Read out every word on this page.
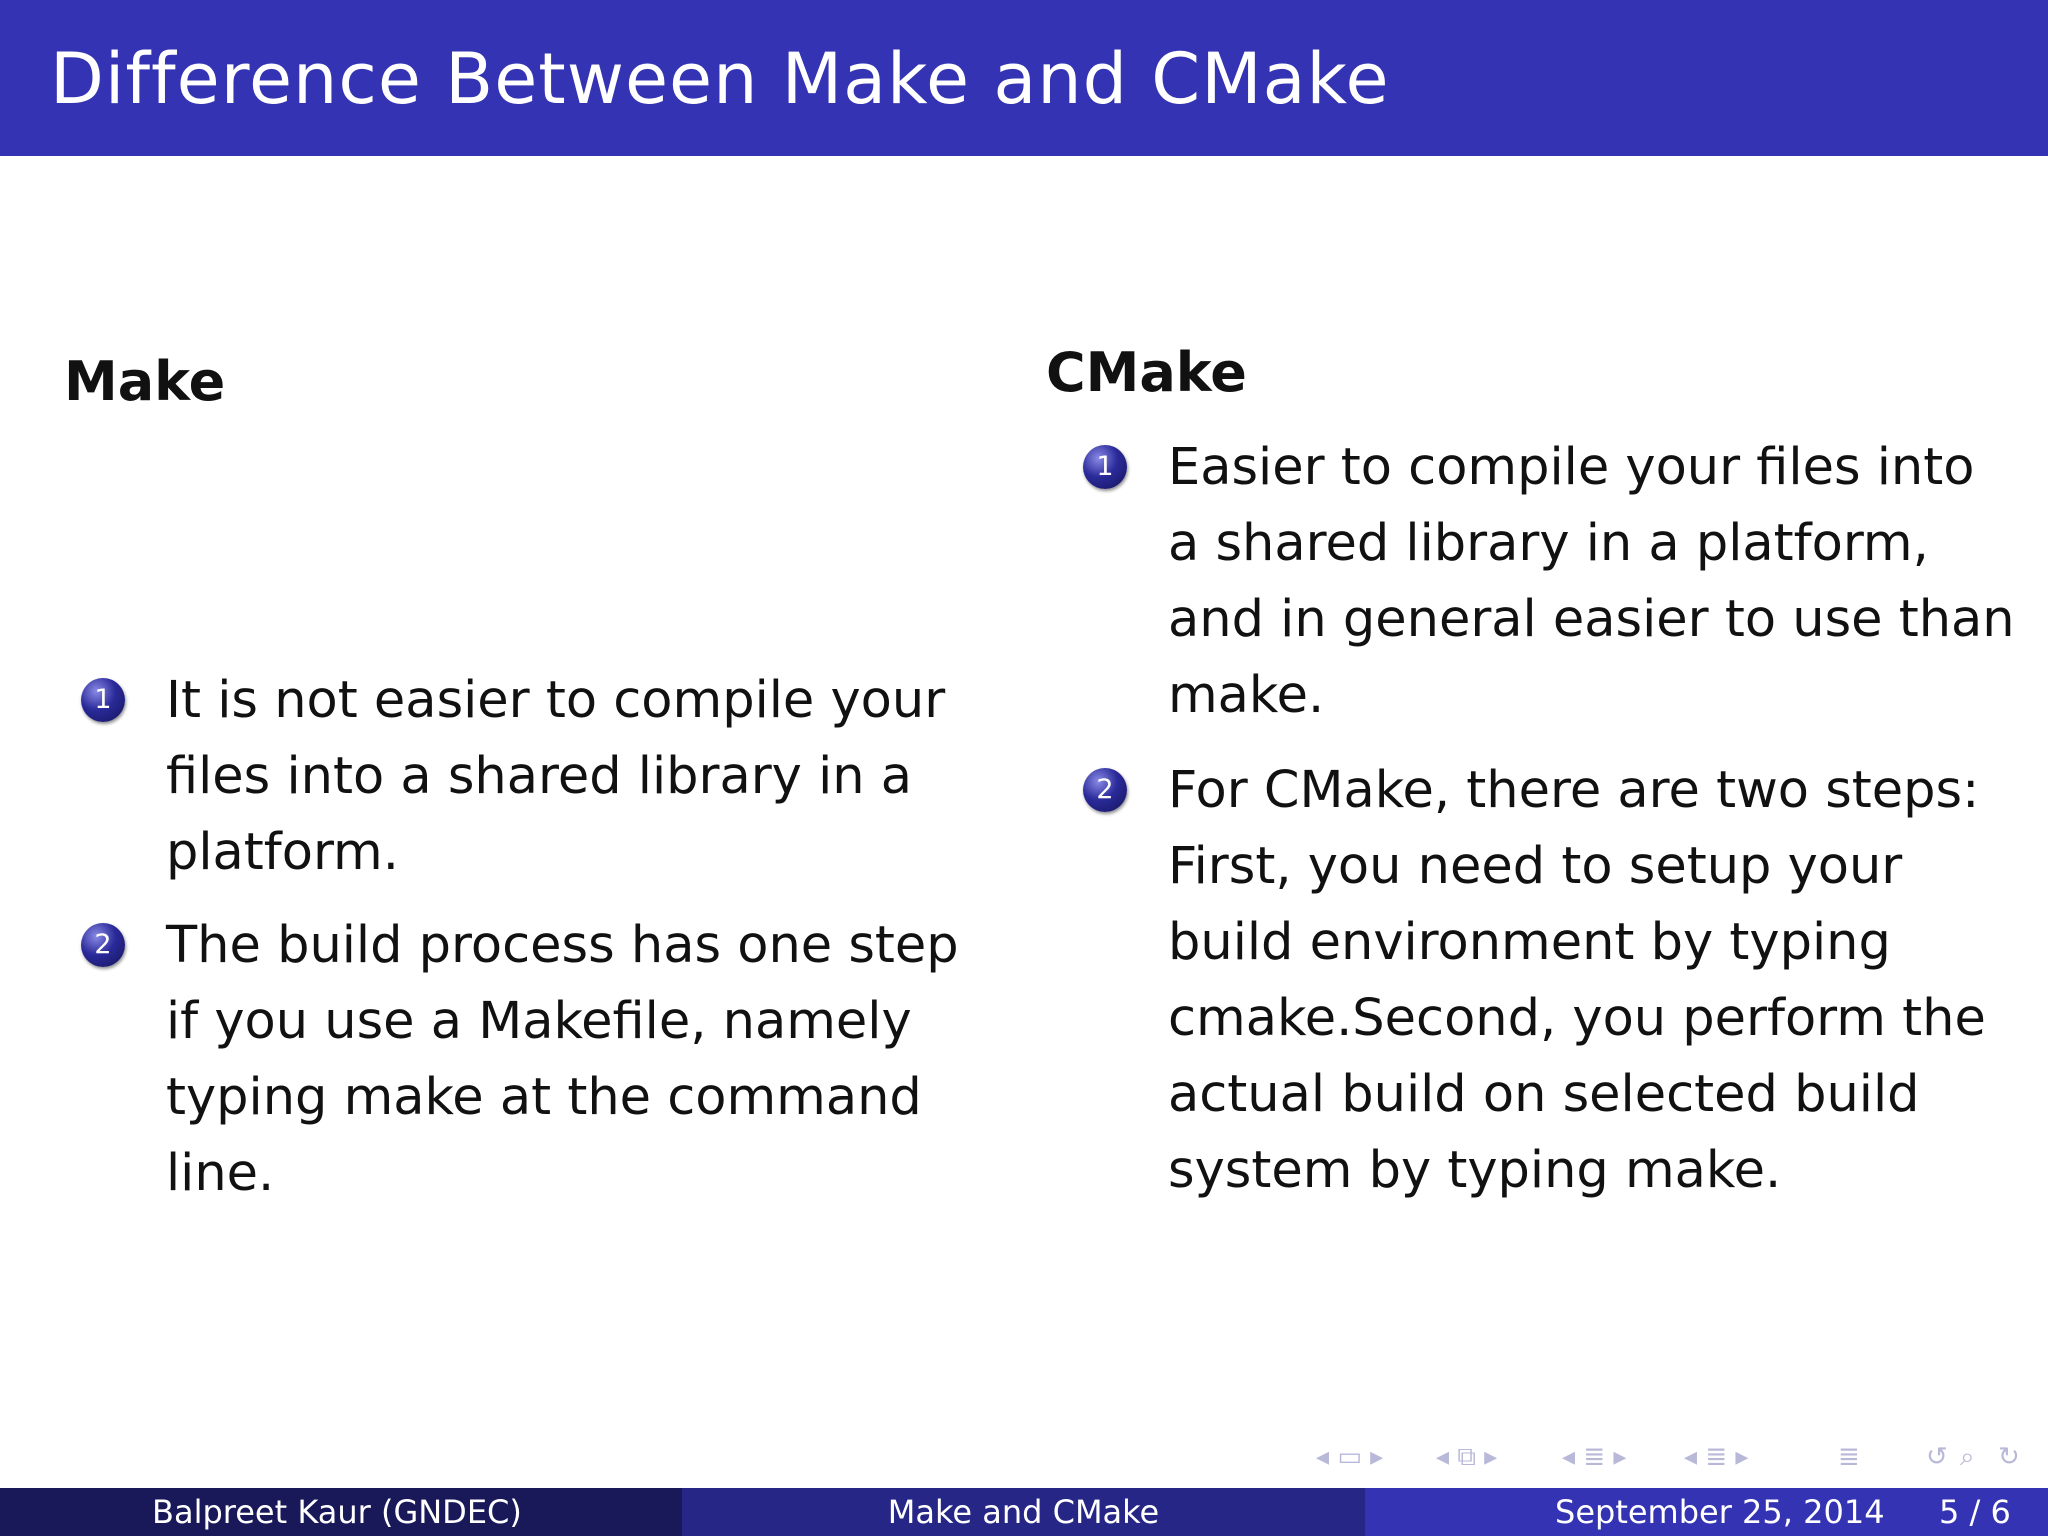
Difference Between Make and CMake
Make
1 It is not easier to compile your files into a shared library in a platform.
2 The build process has one step if you use a Makefile, namely typing make at the command line.
CMake
1 Easier to compile your files into a shared library in a platform, and in general easier to use than make.
2 For CMake, there are two steps: First, you need to setup your build environment by typing cmake.Second, you perform the actual build on selected build system by typing make.
◂ ▭ ▸ ◂ ⧉ ▸ ◂ ≣ ▸ ◂ ≣ ▸	≣	↺ ⌕ ↻
Balpreet Kaur (GNDEC)	Make and CMake	September 25, 2014 5 / 6
